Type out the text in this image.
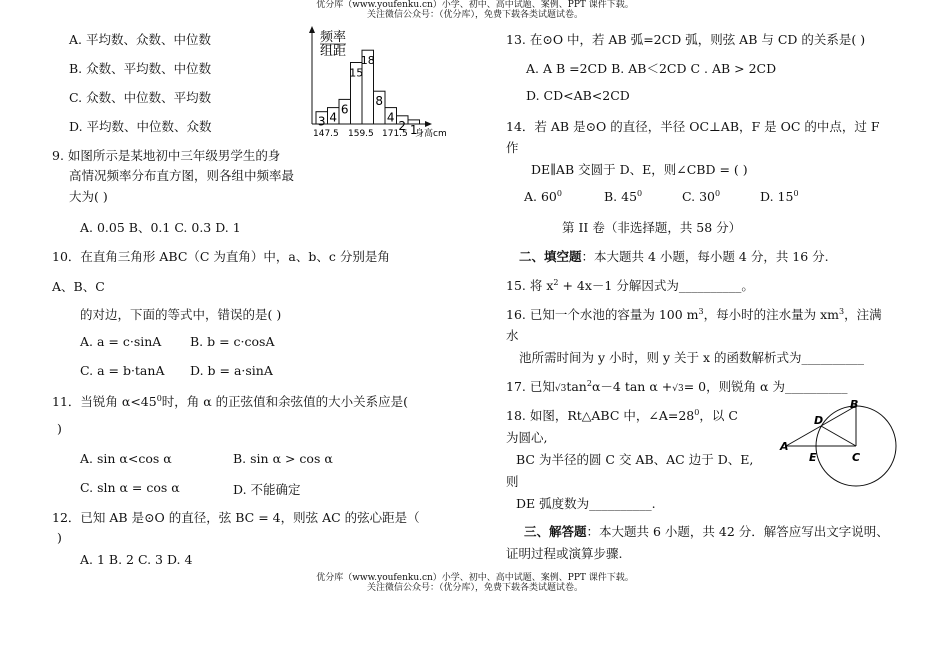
优分库（www.youfenku.cn）小学、初中、高中试题、案例、PPT 课件下载。
关注微信公众号：（优分库），免费下载各类试题试卷。
A. 平均数、众数、中位数
B. 众数、平均数、中位数
C. 众数、中位数、平均数
D. 平均数、中位数、众数
频率
组距
3 4
6
15
18
8
4
2 1
147.5 159.5 171.5 身高cm
9. 如图所示是某地初中三年级男学生的身
高情况频率分布直方图，则各组中频率最
大为( )
A. 0.05 B、0.1 C. 0.3 D. 1
10．在直角三角形 ABC（C 为直角）中，a、b、c 分别是角
A、B、C
的对边，下面的等式中，错误的是( )
A. a = c·sinA B. b = c·cosA
C. a = b·tanA D. b = a·sinA
11．当锐角 $\alpha<45^0$时，角 α 的正弦值和余弦值的大小关系应是(
)
A. sin α<cos α	B. sin α > cos α
C. sln α = cos α	D. 不能确定
12．已知 AB 是⊙O 的直径，弦 BC = 4，则弦 AC 的弦心距是（
)
A. 1 B. 2 C. 3 D. 4
13. 在⊙O 中，若 AB 弧=2CD 弧，则弦 AB 与 CD 的关系是( )
A. A B =2CD B. AB＜2CD C . AB > 2CD
D. CD<AB<2CD
14．若 AB 是⊙O 的直径，半径 OC⊥AB，F 是 OC 的中点，过 F
作
DE∥AB 交圆于 D、E，则∠CBD = ( )
A. $60^0$	B. $45^0$	C. $30^0$	D. $15^0$
第 II 卷（非选择题，共 58 分）
二、填空题：本大题共 4 小题，每小题 4 分，共 16 分.
15. 将 $x^2 + 4x-1$ 分解因式为__________。
16. 已知一个水池的容量为 100 $m^3$，每小时的注水量为 $xm^3$，注满
水
池所需时间为 y 小时，则 y 关于 x 的函数解析式为__________
17. 已知$√3\tan^2\alpha-4$ tan α +√3= 0，则锐角 α 为__________
18. 如图，Rt△ABC 中，$\angle A=28^0$，以 C
为圆心,
BC 为半径的圆 C 交 AB、AC 边于 D、E,
则
DE 弧度数为__________.
A
B
C
D
E
三、解答题：本大题共 6 小题，共 42 分．解答应写出文字说明、
证明过程或演算步骤.
优分库（www.youfenku.cn）小学、初中、高中试题、案例、PPT 课件下载。
关注微信公众号：（优分库），免费下载各类试题试卷。
